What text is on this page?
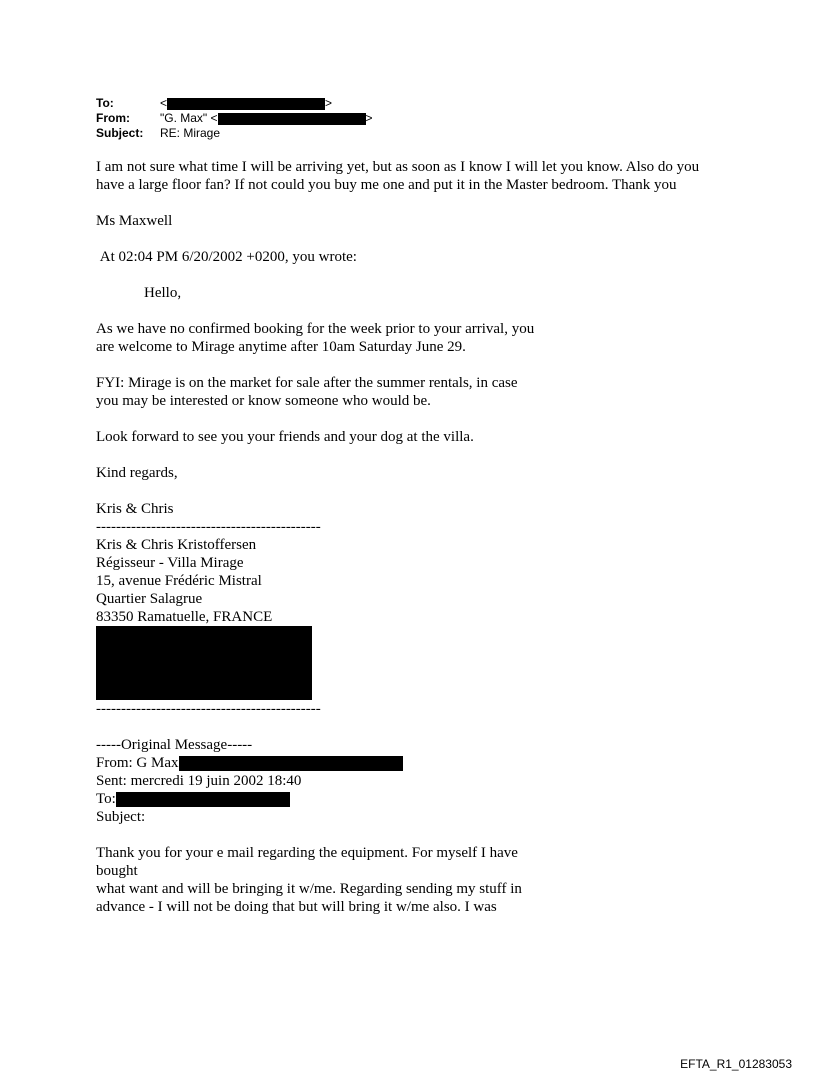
To:	<	>
From:	"G. Max" <	>
Subject: RE: Mirage

I am not sure what time I will be arriving yet, but as soon as I know I will let you know. Also do you have a large floor fan? If not could you buy me one and put it in the Master bedroom. Thank you

Ms Maxwell

At 02:04 PM 6/20/2002 +0200, you wrote:

Hello,

As we have no confirmed booking for the week prior to your arrival, you

are welcome to Mirage anytime after 10am Saturday June 29.

FYI: Mirage is on the market for sale after the summer rentals, in case

you may be interested or know someone who would be.

Look forward to see you your friends and your dog at the villa.

Kind regards,

Kris & Chris

---------------------------------------------

Kris & Chris Kristoffersen

Régisseur - Villa Mirage

15, avenue Frédéric Mistral

Quartier Salagrue

83350 Ramatuelle, FRANCE

---------------------------------------------

-----Original Message-----

From: G Max

Sent: mercredi 19 juin 2002 18:40

To:

Subject:

Thank you for your e mail regarding the equipment. For myself I have

bought

what want and will be bringing it w/me. Regarding sending my stuff in

advance - I will not be doing that but will bring it w/me also. I was

EFTA_R1_01283053
